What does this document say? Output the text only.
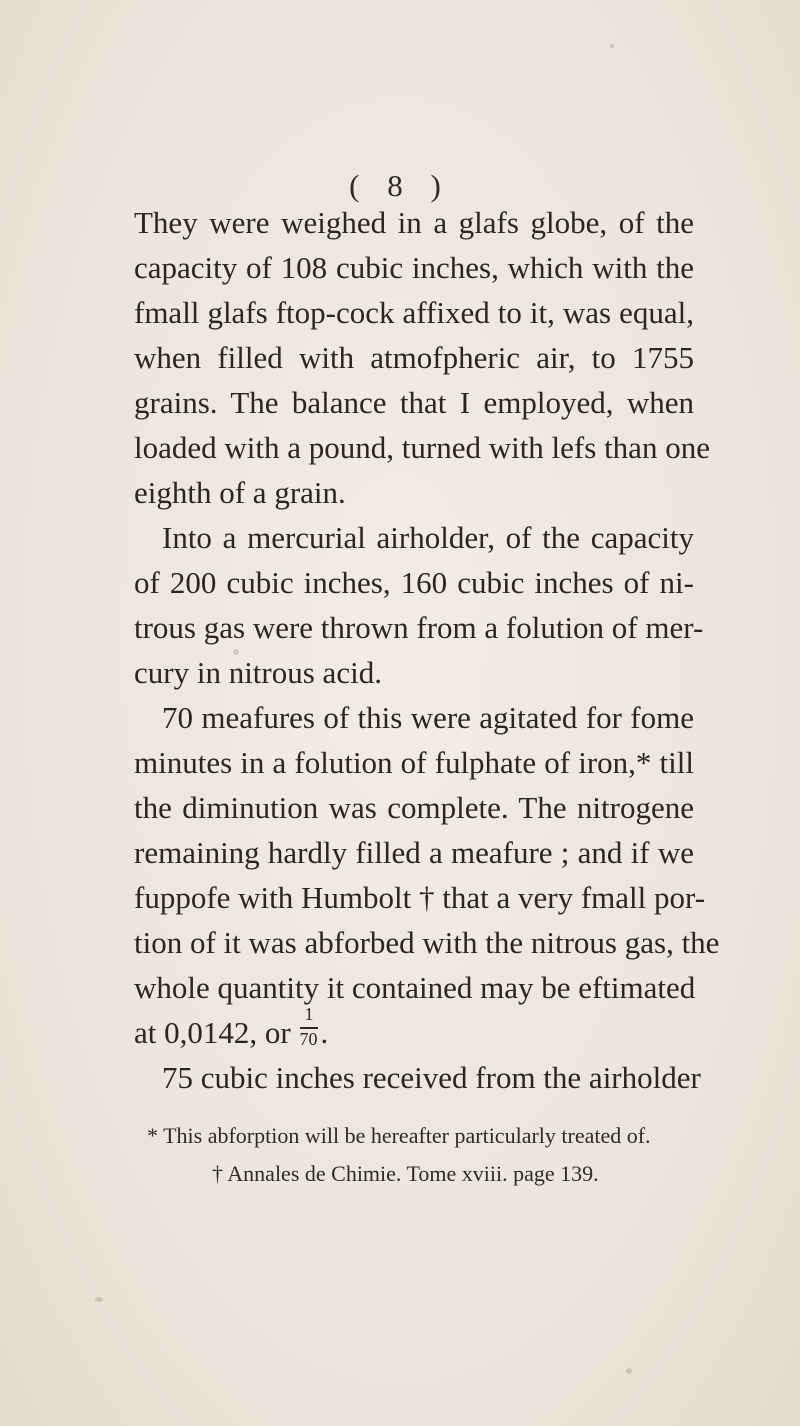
( 8 )
They were weighed in a glafs globe, of the
capacity of 108 cubic inches, which with the
fmall glafs ftop-cock affixed to it, was equal,
when filled with atmofpheric air, to 1755
grains. The balance that I employed, when
loaded with a pound, turned with lefs than one
eighth of a grain.
Into a mercurial airholder, of the capacity
of 200 cubic inches, 160 cubic inches of ni-
trous gas were thrown from a folution of mer-
cury in nitrous acid.
70 meafures of this were agitated for fome
minutes in a folution of fulphate of iron,* till
the diminution was complete. The nitrogene
remaining hardly filled a meafure ; and if we
fuppofe with Humbolt † that a very fmall por-
tion of it was abforbed with the nitrous gas, the
whole quantity it contained may be eftimated
at 0,0142, or $\frac{1}{70}$ .
75 cubic inches received from the airholder
* This abforption will be hereafter particularly treated of.
† Annales de Chimie. Tome xviii. page 139.
